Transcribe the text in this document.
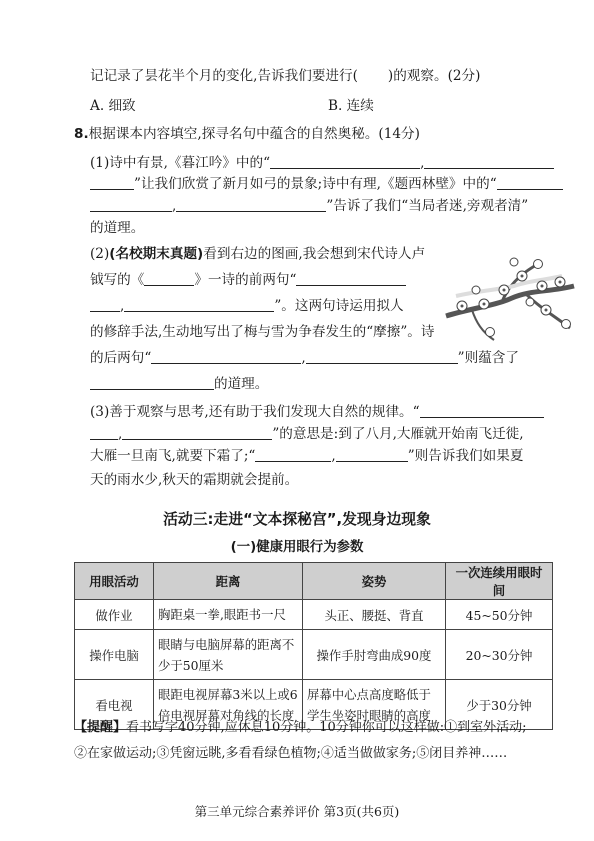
记记录了昙花半个月的变化,告诉我们要进行( )的观察。(2分)
A. 细致	B. 连续
8.根据课本内容填空,探寻名句中蕴含的自然奥秘。(14分)
(1)诗中有景,《暮江吟》中的“	,
”让我们欣赏了新月如弓的景象;诗中有理,《题西林壁》中的“
,	”告诉了我们“当局者迷,旁观者清”
的道理。
(2)(名校期末真题)看到右边的图画,我会想到宋代诗人卢
钺写的《	》一诗的前两句“
,	”。这两句诗运用拟人
的修辞手法,生动地写出了梅与雪为争春发生的“摩擦”。诗
的后两句“	,	”则蕴含了
的道理。
(3)善于观察与思考,还有助于我们发现大自然的规律。“
,	”的意思是:到了八月,大雁就开始南飞迁徙,
大雁一旦南飞,就要下霜了;“	,	”则告诉我们如果夏
天的雨水少,秋天的霜期就会提前。
活动三:走进“文本探秘宫”,发现身边现象
(一)健康用眼行为参数
用眼活动	距离	姿势	一次连续用眼时间
做作业	胸距桌一拳,眼距书一尺	头正、腰挺、背直	45~50分钟
操作电脑	眼睛与电脑屏幕的距离不
少于50厘米	操作手肘弯曲成90度	20~30分钟
看电视	眼距电视屏幕3米以上或6
倍电视屏幕对角线的长度	屏幕中心点高度略低于
学生坐姿时眼睛的高度	少于30分钟
【提醒】看书写字40分钟,应休息10分钟。10分钟你可以这样做:①到室外活动;
②在家做运动;③凭窗远眺,多看看绿色植物;④适当做做家务;⑤闭目养神……
第三单元综合素养评价 第3页(共6页)
